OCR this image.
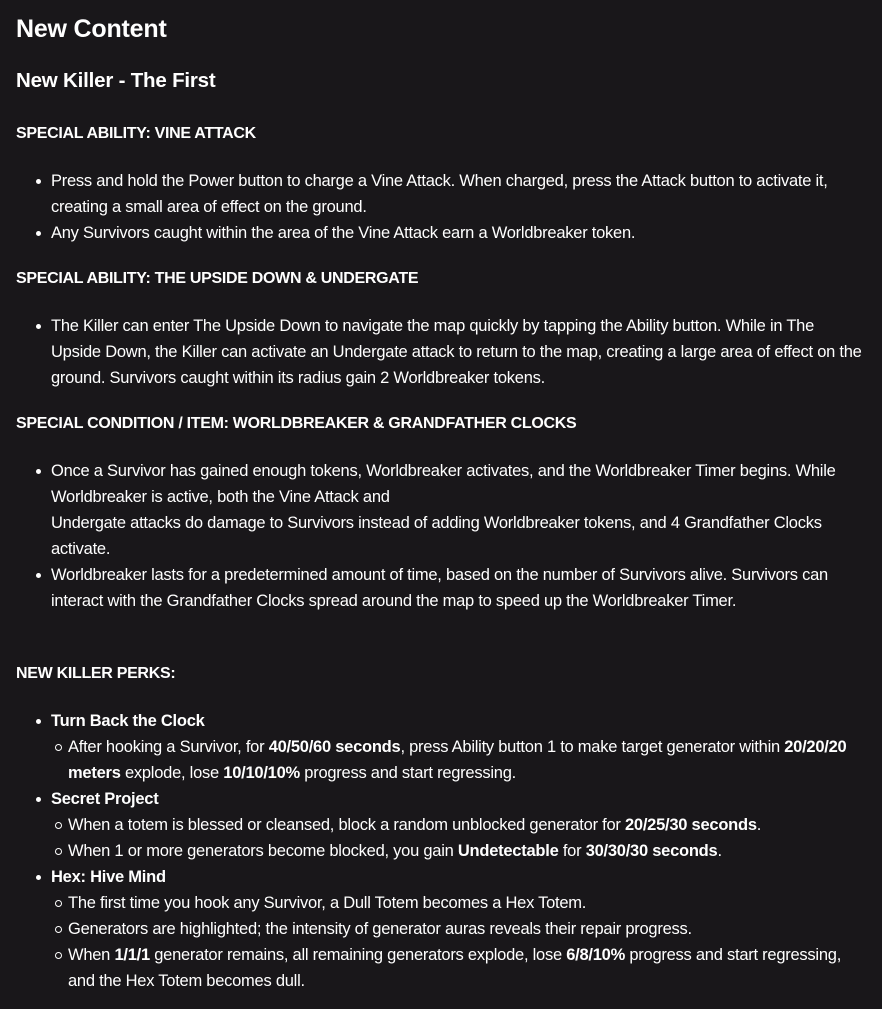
New Content
New Killer - The First
SPECIAL ABILITY: VINE ATTACK
Press and hold the Power button to charge a Vine Attack. When charged, press the Attack button to activate it, creating a small area of effect on the ground.
Any Survivors caught within the area of the Vine Attack earn a Worldbreaker token.
SPECIAL ABILITY: THE UPSIDE DOWN & UNDERGATE
The Killer can enter The Upside Down to navigate the map quickly by tapping the Ability button. While in The Upside Down, the Killer can activate an Undergate attack to return to the map, creating a large area of effect on the ground. Survivors caught within its radius gain 2 Worldbreaker tokens.
SPECIAL CONDITION / ITEM: WORLDBREAKER & GRANDFATHER CLOCKS
Once a Survivor has gained enough tokens, Worldbreaker activates, and the Worldbreaker Timer begins. While Worldbreaker is active, both the Vine Attack and
Undergate attacks do damage to Survivors instead of adding Worldbreaker tokens, and 4 Grandfather Clocks activate.
Worldbreaker lasts for a predetermined amount of time, based on the number of Survivors alive. Survivors can interact with the Grandfather Clocks spread around the map to speed up the Worldbreaker Timer.
NEW KILLER PERKS:
Turn Back the Clock
After hooking a Survivor, for 40/50/60 seconds, press Ability button 1 to make target generator within 20/20/20 meters explode, lose 10/10/10% progress and start regressing.
Secret Project
When a totem is blessed or cleansed, block a random unblocked generator for 20/25/30 seconds.
When 1 or more generators become blocked, you gain Undetectable for 30/30/30 seconds.
Hex: Hive Mind
The first time you hook any Survivor, a Dull Totem becomes a Hex Totem.
Generators are highlighted; the intensity of generator auras reveals their repair progress.
When 1/1/1 generator remains, all remaining generators explode, lose 6/8/10% progress and start regressing, and the Hex Totem becomes dull.
